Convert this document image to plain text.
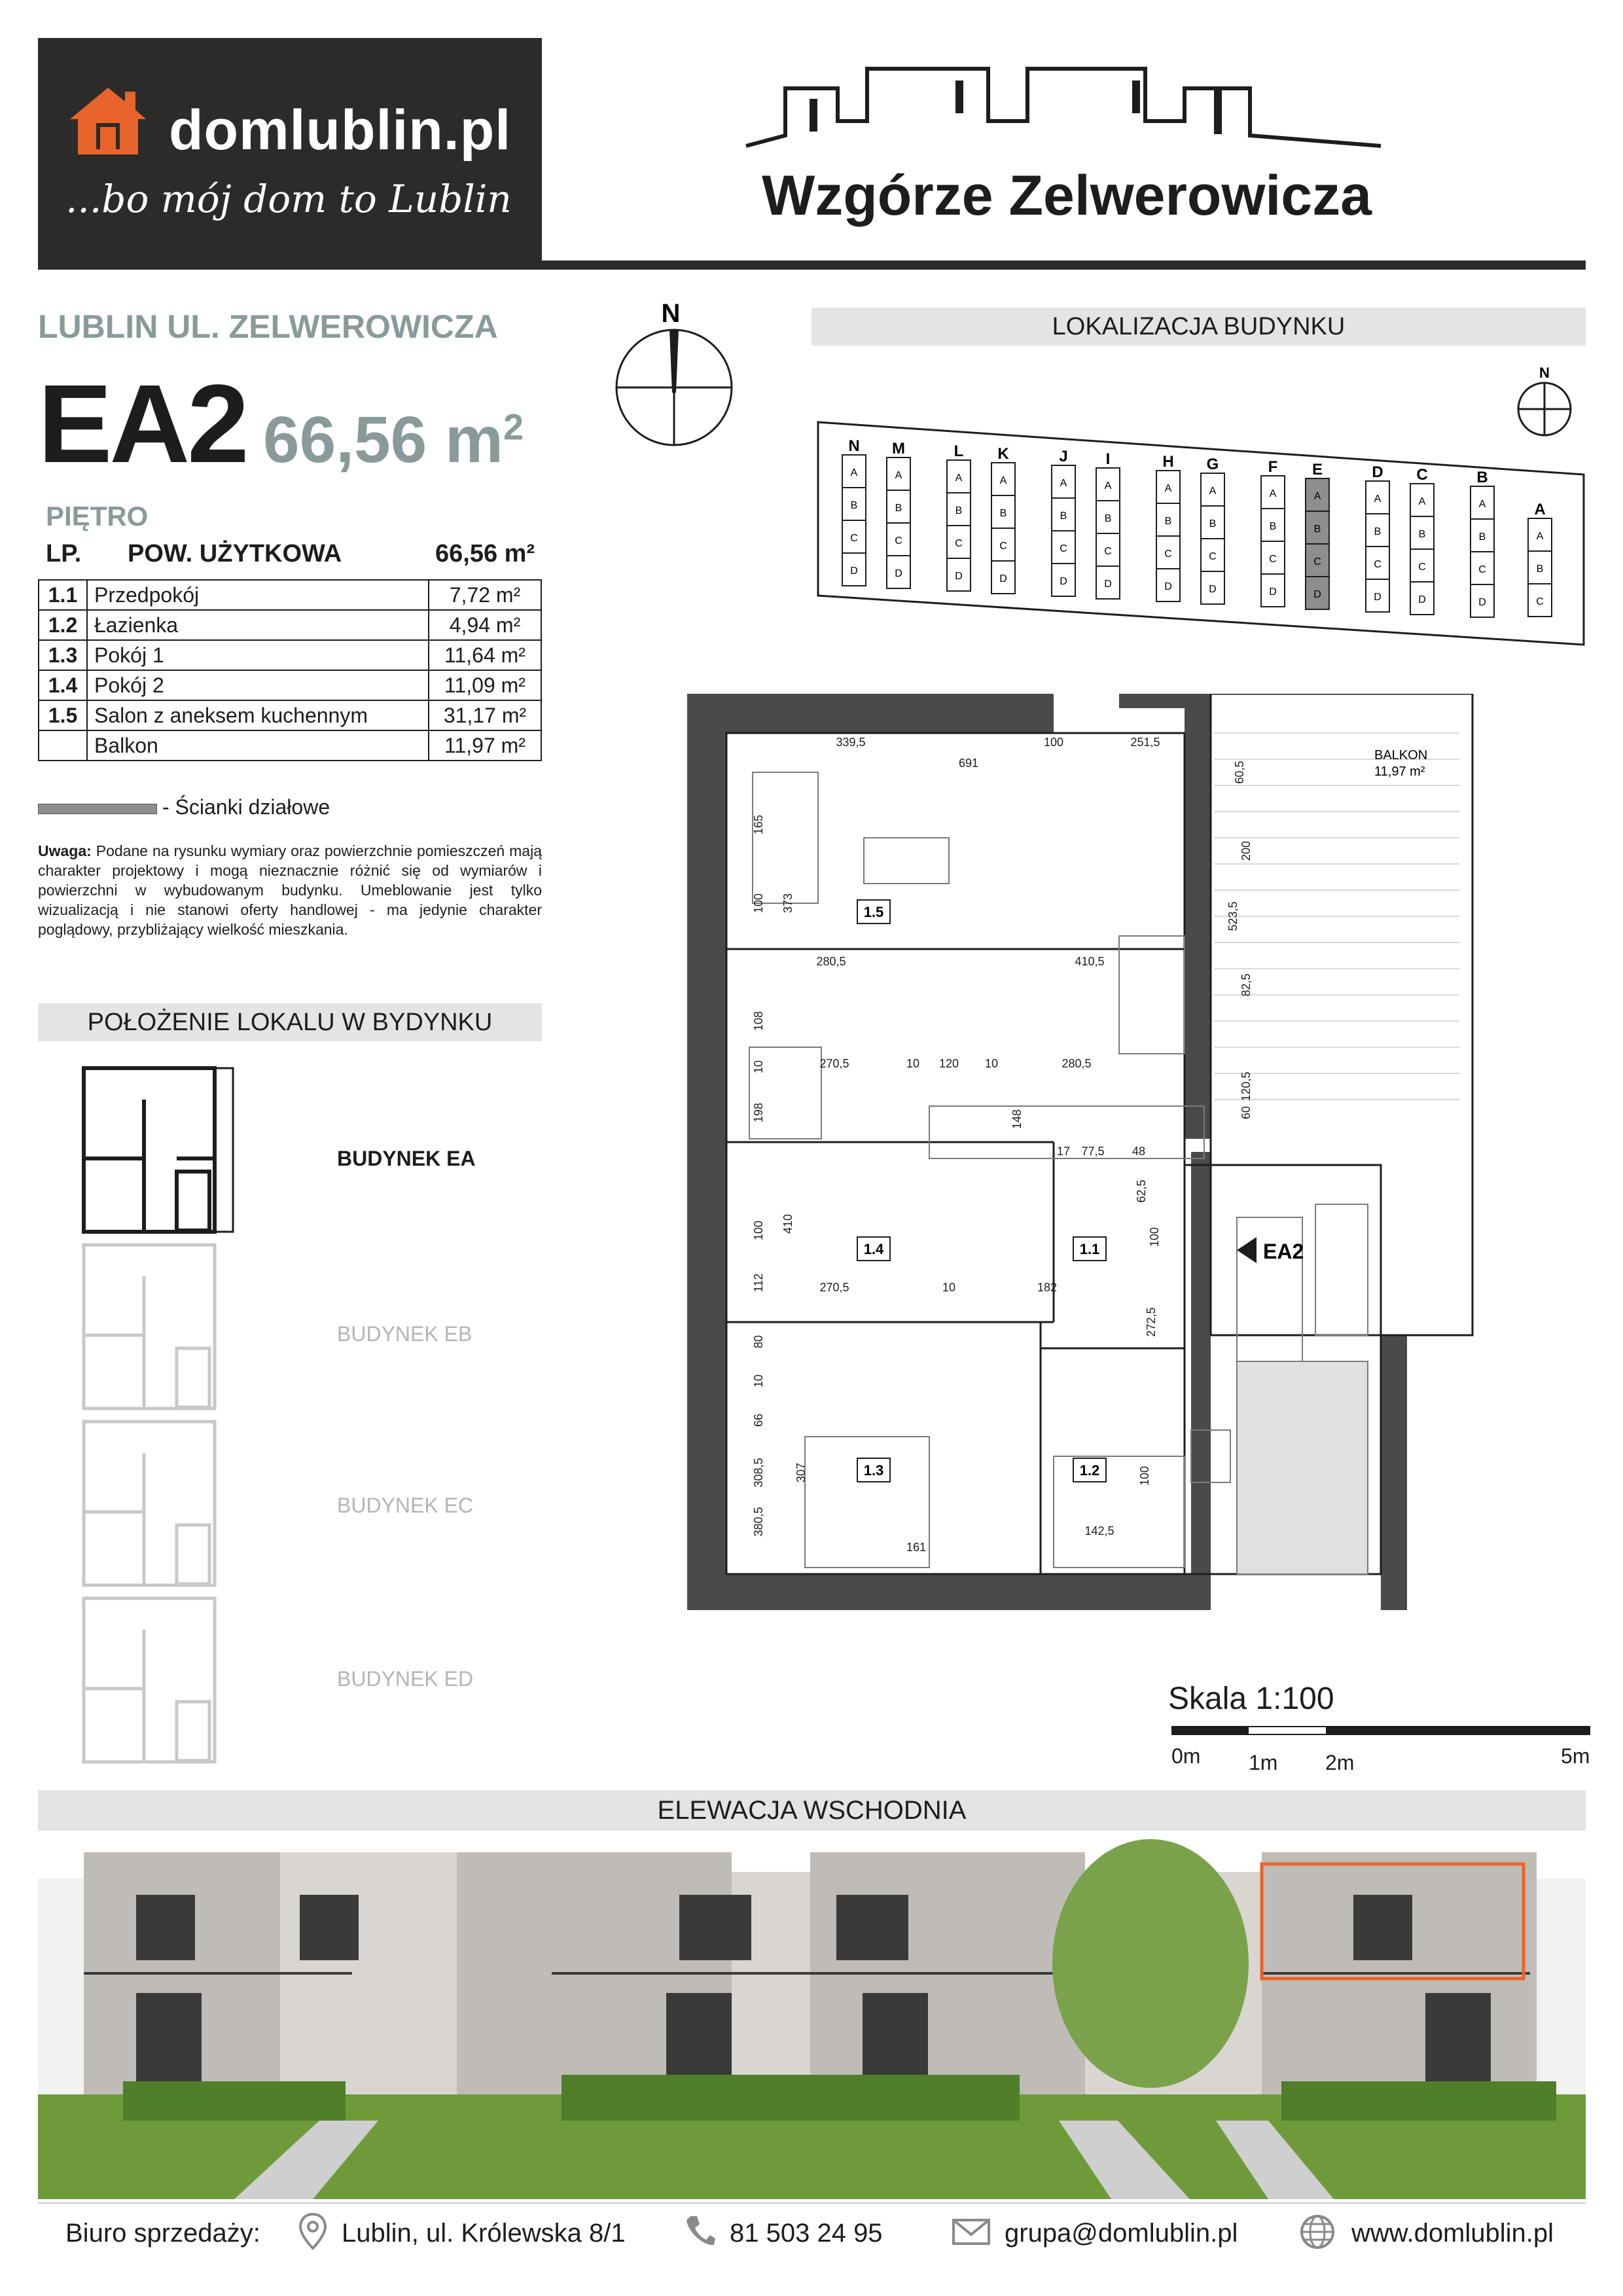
domlublin.pl
...bo mój dom to Lublin	Wzgórze Zelwerowicza
LUBLIN UL. ZELWEROWICZA
EA2 66,56 $m^2$
PIĘTRO
LP. POW. UŻYTKOWA	66,56 m²
1.1	Przedpokój	7,72 m²
1.2	Łazienka	4,94 m²
1.3	Pokój 1	11,64 m²
1.4	Pokój 2	11,09 m²
1.5	Salon z aneksem kuchennym	31,17 m²
	Balkon	11,97 m²
- Ścianki działowe
Uwaga: Podane na rysunku wymiary oraz powierzchnie pomieszczeń mają charakter projektowy i mogą nieznacznie różnić się od wymiarów i powierzchni w wybudowanym budynku. Umeblowanie jest tylko wizualizacją i nie stanowi oferty handlowej - ma jedynie charakter poglądowy, przybliżający wielkość mieszkania.
POŁOŻENIE LOKALU W BYDYNKU
BUDYNEK EA
BUDYNEK EB
BUDYNEK EC
BUDYNEK ED
N	LOKALIZACJA BUDYNKU
N
N
A
B
C
D
M
A
B
C
D
L
A
B
C
D
K
A
B
C
D
J
A
B
C
D
I
A
B
C
D
H
A
B
C
D
G
A
B
C
D
F
A
B
C
D
E
A
B
C
D
D
A
B
C
D
C
A
B
C
D
B
A
B
C
D
A
A
B
C
BALKON
11,97 m²
EA2
1.5
1.4	1.1
1.3	1.2
339,5	100	251,5
691	60,5
165
373
100
200
523,5
280,5	410,5
82,5
108
10	270,5	10 120 10	280,5
120,5
198	60
148
17 77,5 48
62,5
410
100	100
112	270,5	10	182
272,5
80
10
66
100
308,5	307
142,5
380,5
161
Skala 1:100
0m 1m 2m	5m
ELEWACJA WSCHODNIA
Biuro sprzedaży:	Lublin, ul. Królewska 8/1	81 503 24 95	grupa@domlublin.pl	www.domlublin.pl
